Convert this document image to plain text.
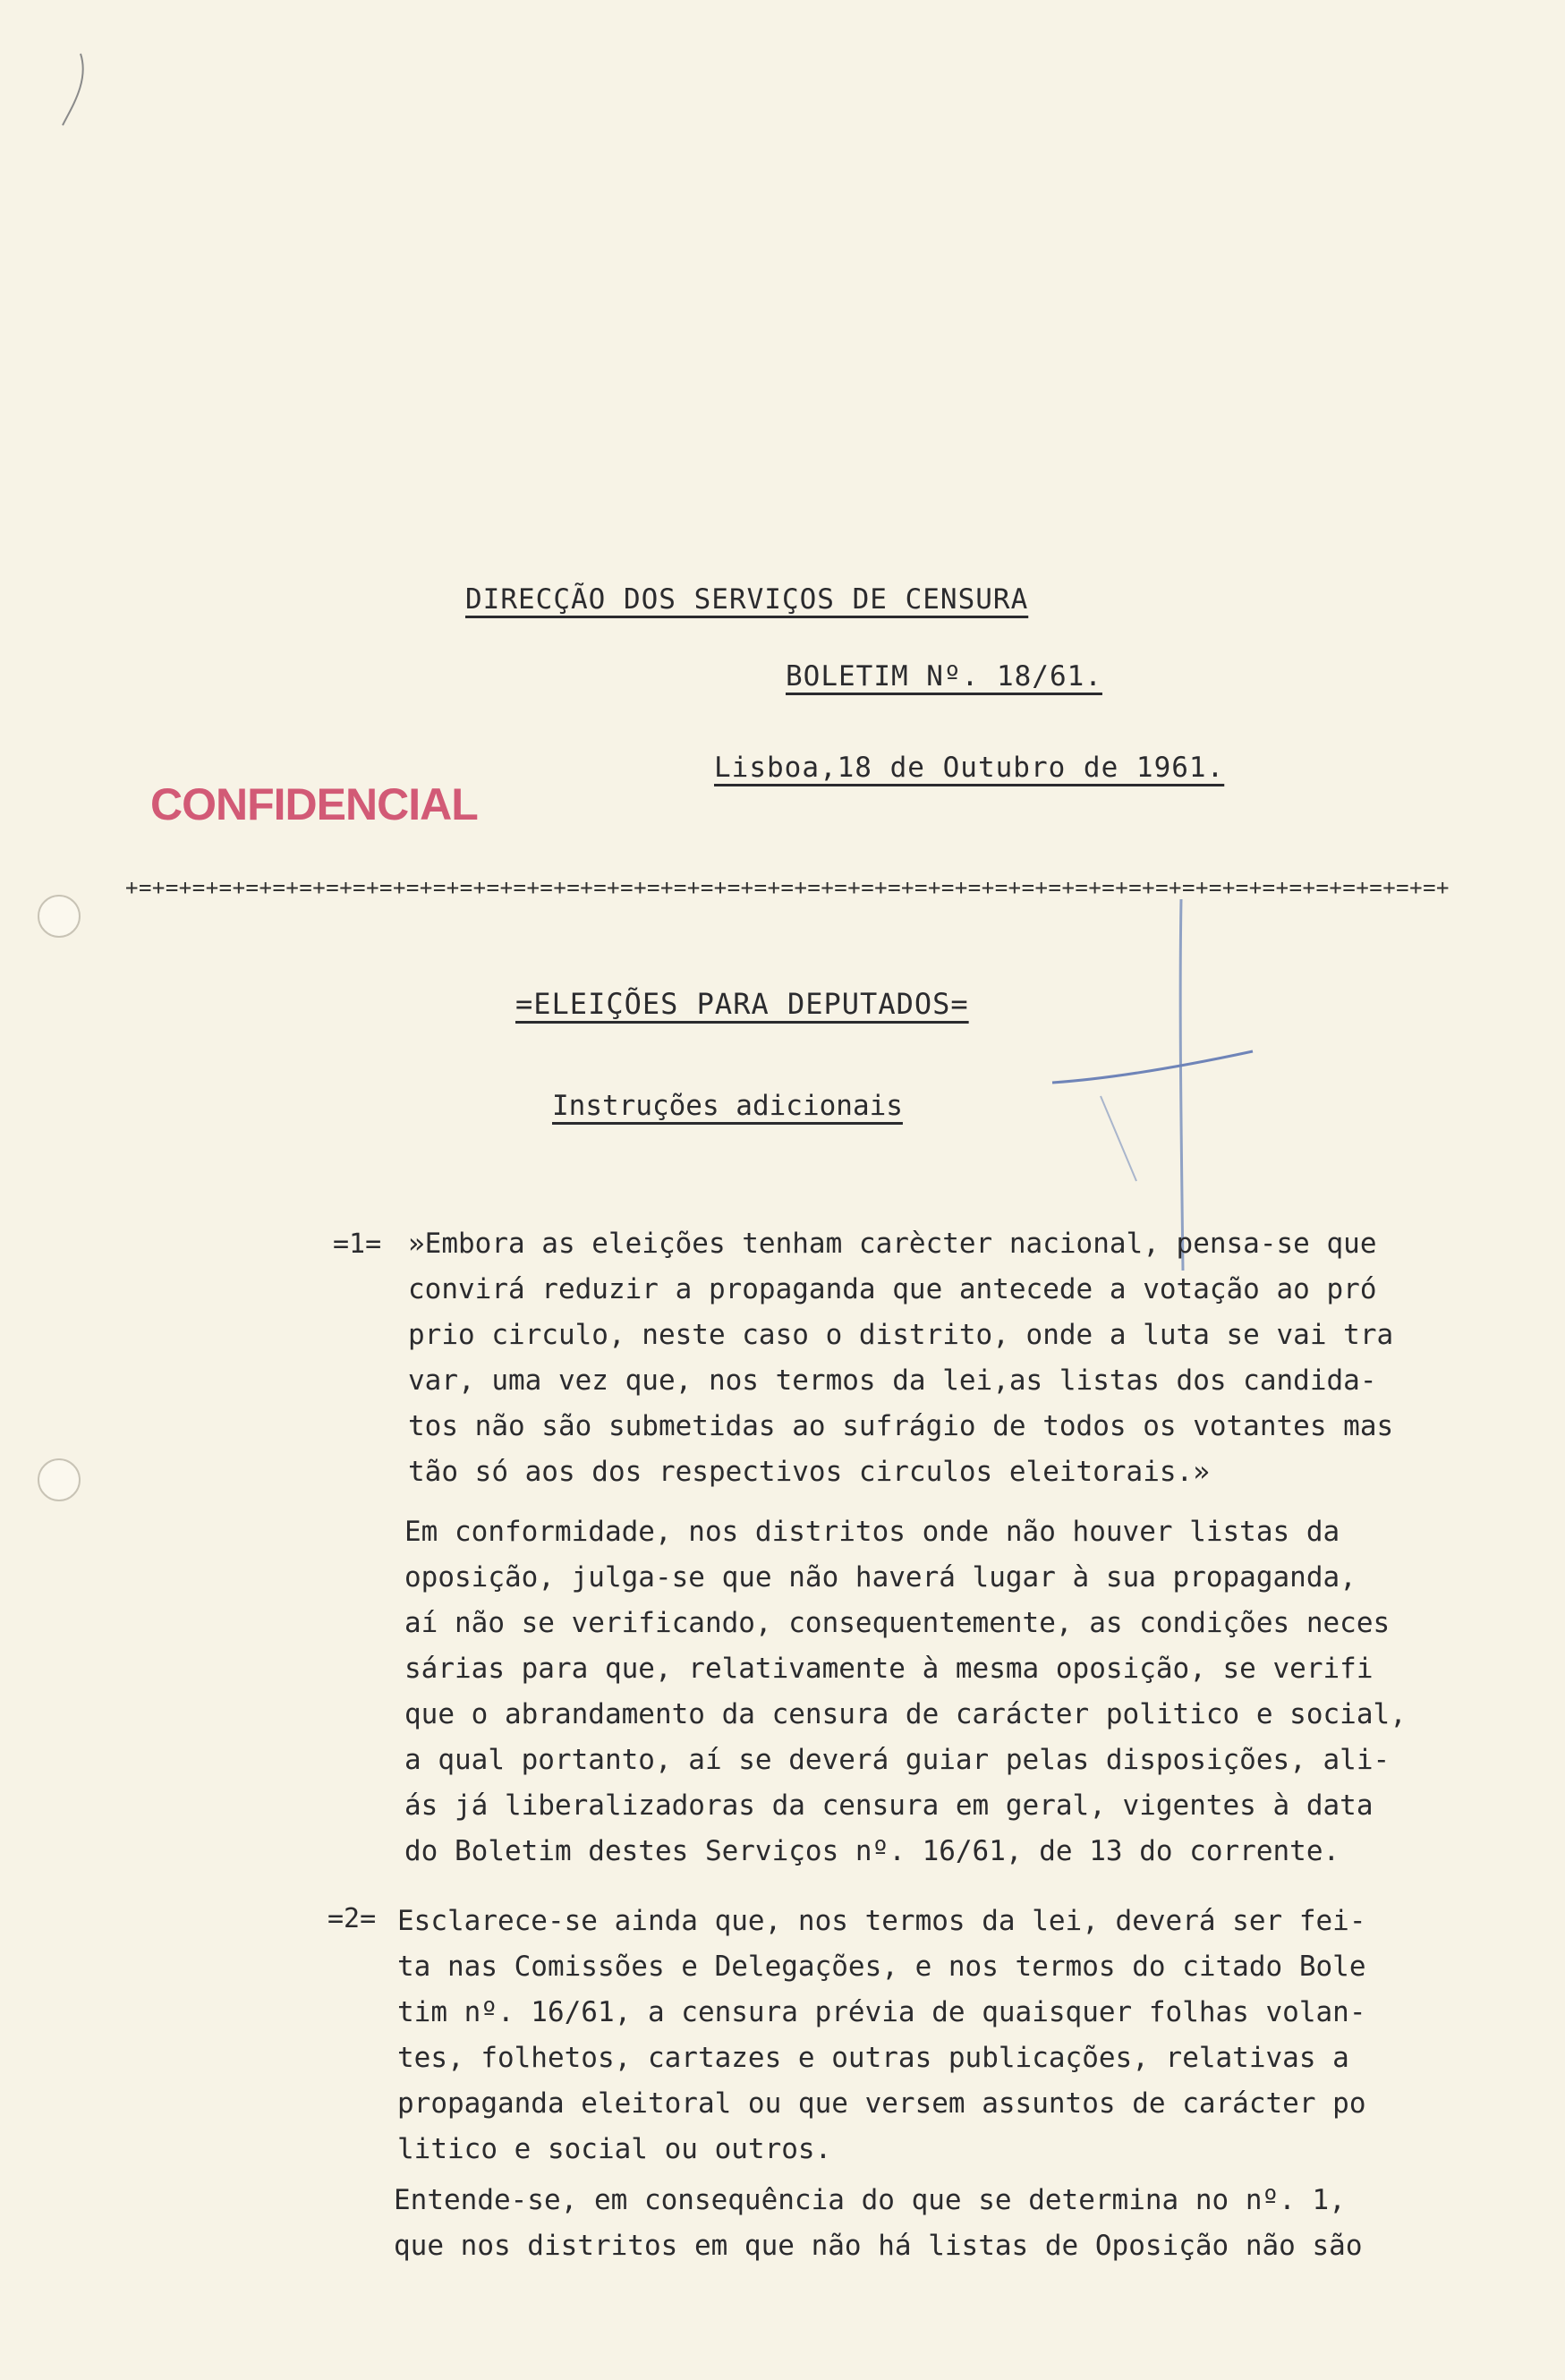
DIRECÇÃO DOS SERVIÇOS DE CENSURA
BOLETIM Nº. 18/61.
Lisboa,18 de Outubro de 1961.
CONFIDENCIAL
+=+=+=+=+=+=+=+=+=+=+=+=+=+=+=+=+=+=+=+=+=+=+=+=+=+=+=+=+=+=+=+=+=+=+=+=+=+=+=+=+=+=+=+=+=+=+=+=+=+
=ELEIÇÕES PARA DEPUTADOS=
Instruções adicionais
=1=
=2=
»Embora as eleições tenham carècter nacional, pensa-se que
convirá reduzir a propaganda que antecede a votação ao pró
prio circulo, neste caso o distrito, onde a luta se vai tra
var, uma vez que, nos termos da lei,as listas dos candida-
tos não são submetidas ao sufrágio de todos os votantes mas
tão só aos dos respectivos circulos eleitorais.»
Em conformidade, nos distritos onde não houver listas da
oposição, julga-se que não haverá lugar à sua propaganda,
aí não se verificando, consequentemente, as condições neces
sárias para que, relativamente à mesma oposição, se verifi
que o abrandamento da censura de carácter politico e social,
a qual portanto, aí se deverá guiar pelas disposições, ali-
ás já liberalizadoras da censura em geral, vigentes à data
do Boletim destes Serviços nº. 16/61, de 13 do corrente.
Esclarece-se ainda que, nos termos da lei, deverá ser fei-
ta nas Comissões e Delegações, e nos termos do citado Bole
tim nº. 16/61, a censura prévia de quaisquer folhas volan-
tes, folhetos, cartazes e outras publicações, relativas a
propaganda eleitoral ou que versem assuntos de carácter po
litico e social ou outros.
Entende-se, em consequência do que se determina no nº. 1,
que nos distritos em que não há listas de Oposição não são
